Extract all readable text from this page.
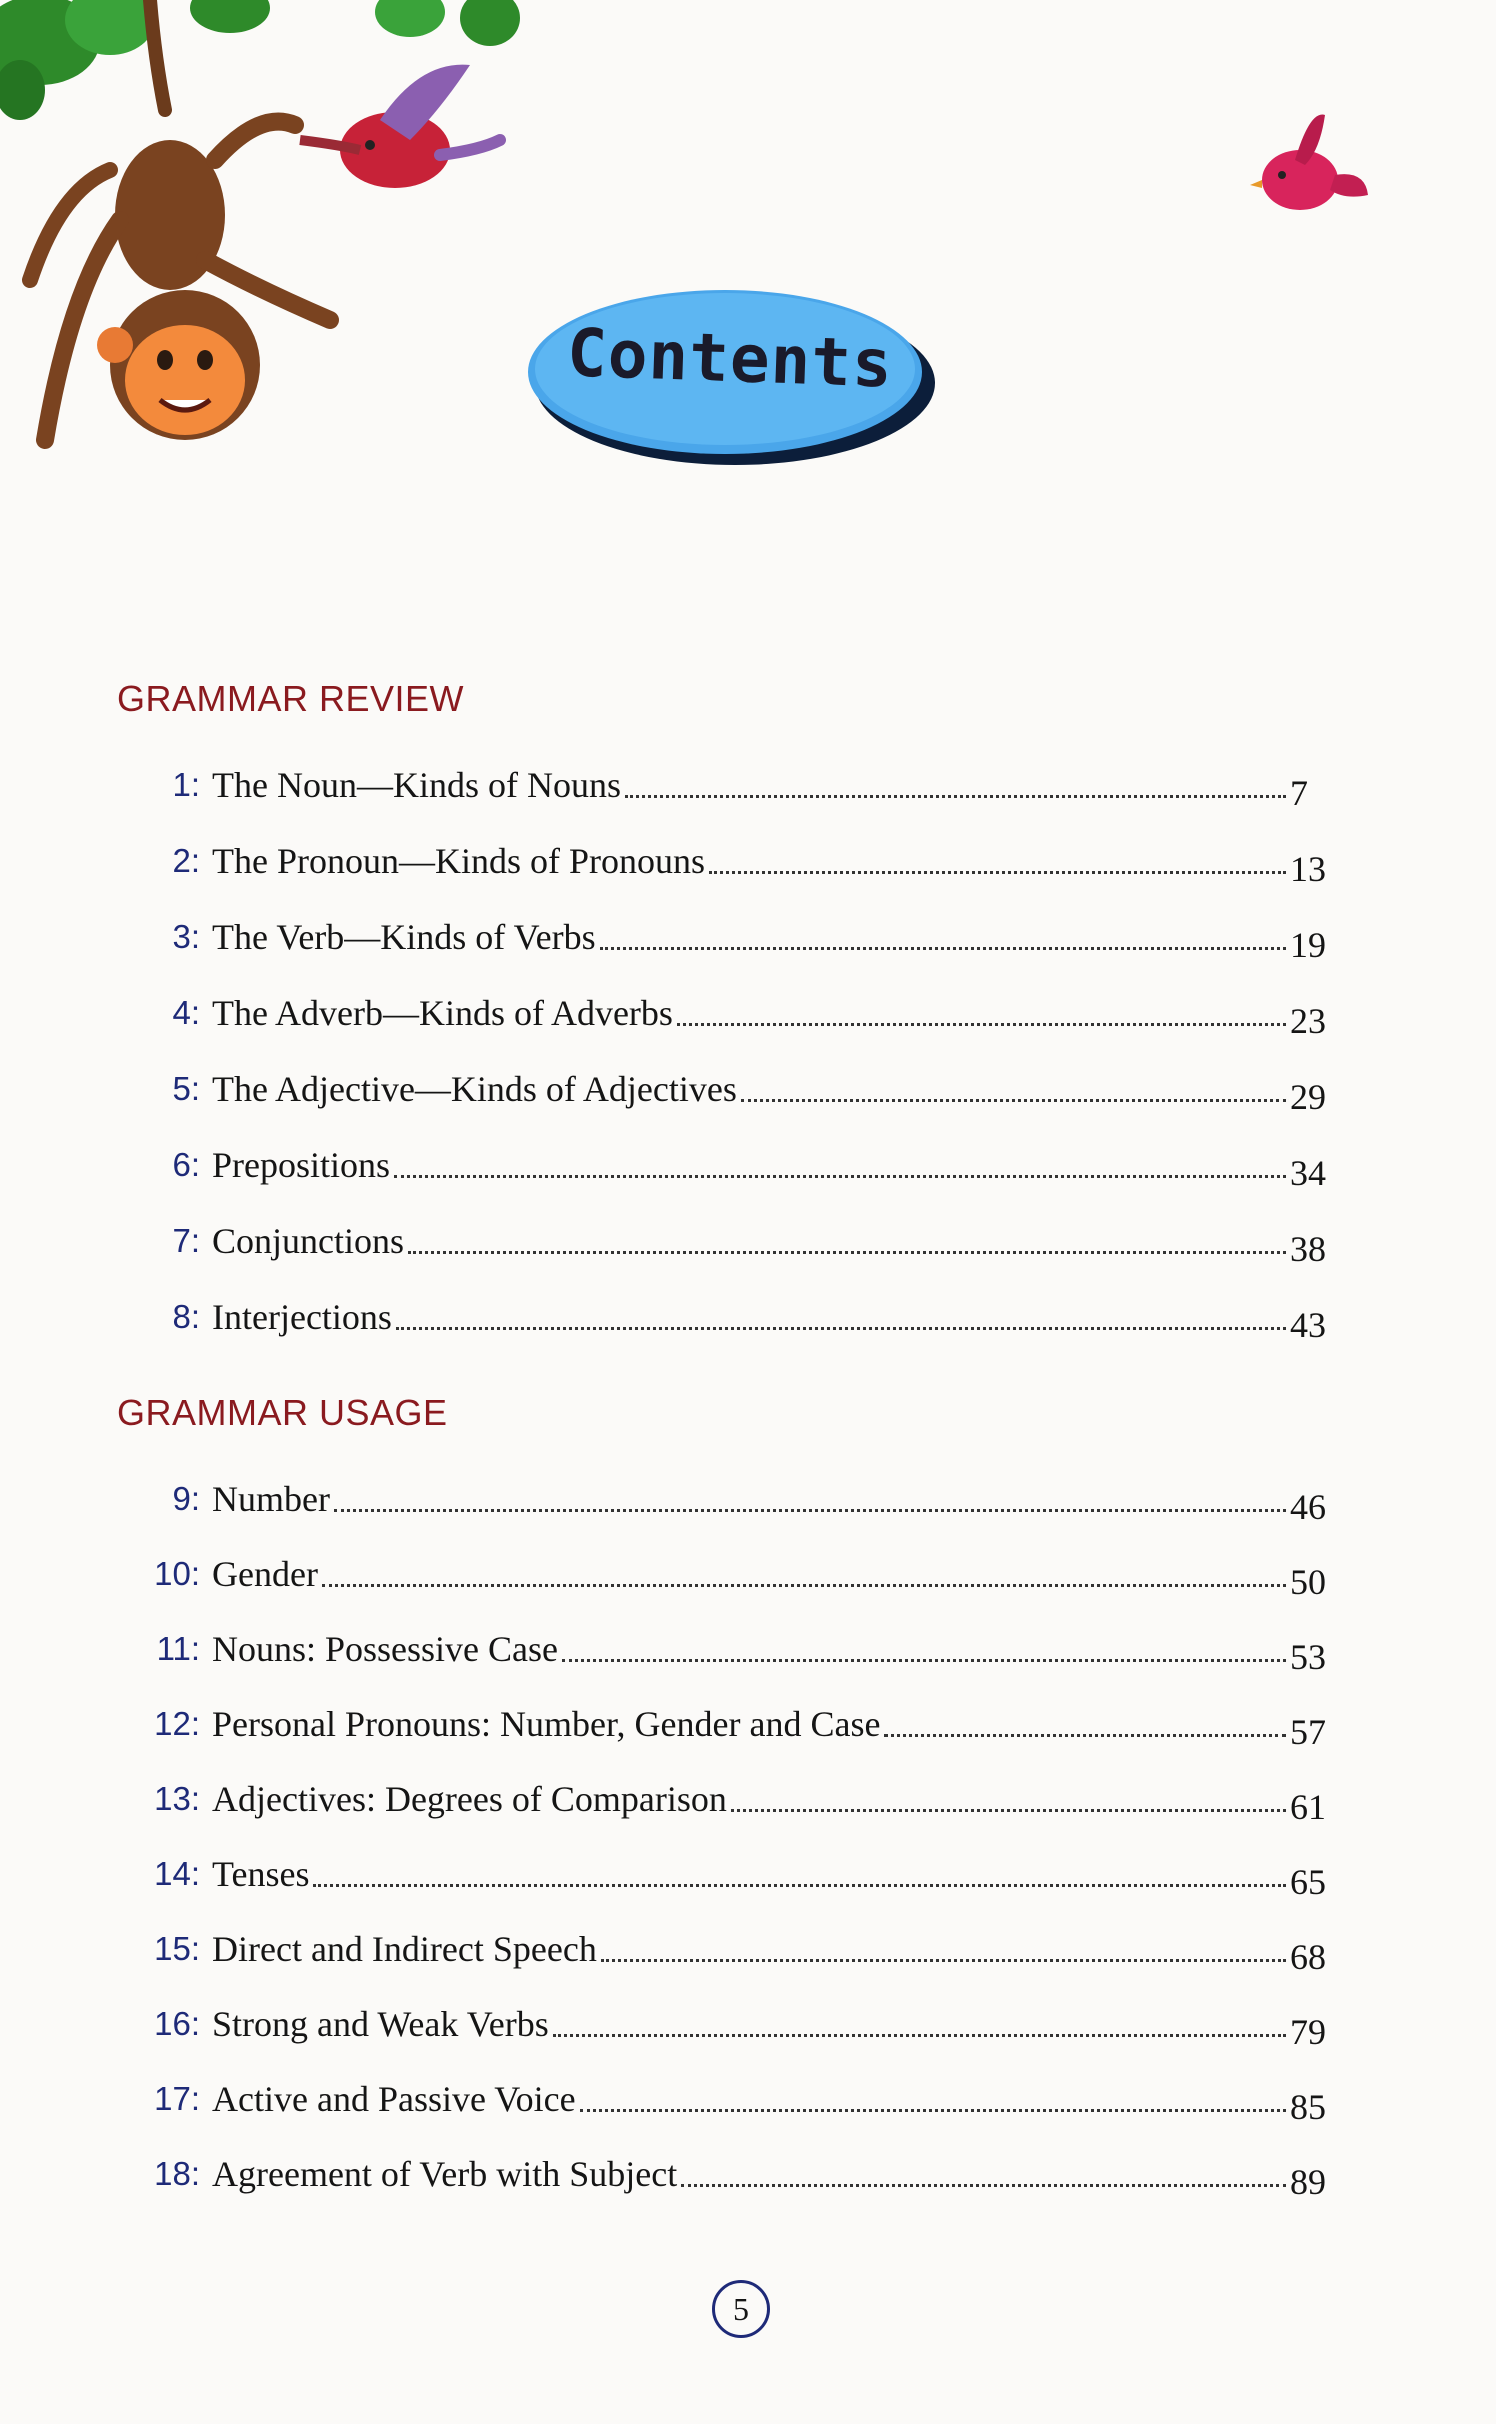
Contents
GRAMMAR REVIEW
1: The Noun—Kinds of Nouns	7
2: The Pronoun—Kinds of Pronouns	13
3: The Verb—Kinds of Verbs	19
4: The Adverb—Kinds of Adverbs	23
5: The Adjective—Kinds of Adjectives	29
6: Prepositions	34
7: Conjunctions	38
8: Interjections	43
GRAMMAR USAGE
9: Number	46
10: Gender	50
11: Nouns: Possessive Case	53
12: Personal Pronouns: Number, Gender and Case	57
13: Adjectives: Degrees of Comparison	61
14: Tenses	65
15: Direct and Indirect Speech	68
16: Strong and Weak Verbs	79
17: Active and Passive Voice	85
18: Agreement of Verb with Subject	89
5
